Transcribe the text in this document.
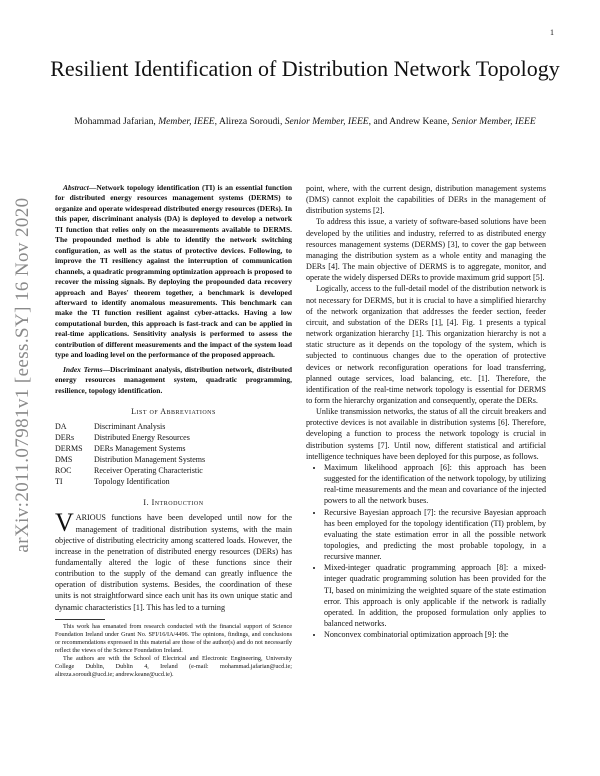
1
arXiv:2011.07981v1 [eess.SY] 16 Nov 2020
Resilient Identification of Distribution Network Topology

Mohammad Jafarian, Member, IEEE, Alireza Soroudi, Senior Member, IEEE, and Andrew Keane, Senior Member, IEEE

Abstract—Network topology identification (TI) is an essential function for distributed energy resources management systems (DERMS) to organize and operate widespread distributed energy resources (DERs). In this paper, discriminant analysis (DA) is deployed to develop a network TI function that relies only on the measurements available to DERMS. The propounded method is able to identify the network switching configuration, as well as the status of protective devices. Following, to improve the TI resiliency against the interruption of communication channels, a quadratic programming optimization approach is proposed to recover the missing signals. By deploying the propounded data recovery approach and Bayes' theorem together, a benchmark is developed afterward to identify anomalous measurements. This benchmark can make the TI function resilient against cyber-attacks. Having a low computational burden, this approach is fast-track and can be applied in real-time applications. Sensitivity analysis is performed to assess the contribution of different measurements and the impact of the system load type and loading level on the performance of the proposed approach.

Index Terms—Discriminant analysis, distribution network, distributed energy resources management system, quadratic programming, resilience, topology identification.

List of Abbreviations
DA	Discriminant Analysis
DERs	Distributed Energy Resources
DERMS	DERs Management Systems
DMS	Distribution Management Systems
ROC	Receiver Operating Characteristic
TI	Topology Identification
I. Introduction

VARIOUS functions have been developed until now for the management of traditional distribution systems, with the main objective of distributing electricity among scattered loads. However, the increase in the penetration of distributed energy resources (DERs) has fundamentally altered the logic of these functions since their contribution to the supply of the demand can greatly influence the operation of distribution systems. Besides, the coordination of these units is not straightforward since each unit has its own unique static and dynamic characteristics [1]. This has led to a turning

This work has emanated from research conducted with the financial support of Science Foundation Ireland under Grant No. SFI/16/IA/4496. The opinions, findings, and conclusions or recommendations expressed in this material are those of the author(s) and do not necessarily reflect the views of the Science Foundation Ireland.

The authors are with the School of Electrical and Electronic Engineering, University College Dublin, Dublin 4, Ireland (e-mail: mohammad.jafarian@ucd.ie; alireza.soroudi@ucd.ie; andrew.keane@ucd.ie).

point, where, with the current design, distribution management systems (DMS) cannot exploit the capabilities of DERs in the management of distribution systems [2].

To address this issue, a variety of software-based solutions have been developed by the utilities and industry, referred to as distributed energy resources management systems (DERMS) [3], to cover the gap between managing the distribution system as a whole entity and managing the DERs [4]. The main objective of DERMS is to aggregate, monitor, and operate the widely dispersed DERs to provide maximum grid support [5].

Logically, access to the full-detail model of the distribution network is not necessary for DERMS, but it is crucial to have a simplified hierarchy of the network organization that addresses the feeder section, feeder circuit, and substation of the DERs [1], [4]. Fig. 1 presents a typical network organization hierarchy [1]. This organization hierarchy is not a static structure as it depends on the topology of the system, which is subjected to continuous changes due to the operation of protective devices or network reconfiguration operations for load transferring, planned outage services, load balancing, etc. [1]. Therefore, the identification of the real-time network topology is essential for DERMS to form the hierarchy organization and consequently, operate the DERs.

Unlike transmission networks, the status of all the circuit breakers and protective devices is not available in distribution systems [6]. Therefore, developing a function to process the network topology is crucial in distribution systems [7]. Until now, different statistical and artificial intelligence techniques have been deployed for this purpose, as follows.

• Maximum likelihood approach [6]: this approach has been suggested for the identification of the network topology, by utilizing real-time measurements and the mean and covariance of the injected powers to all the network buses.
• Recursive Bayesian approach [7]: the recursive Bayesian approach has been employed for the topology identification (TI) problem, by evaluating the state estimation error in all the possible network topologies, and predicting the most probable topology, in a recursive manner.
• Mixed-integer quadratic programming approach [8]: a mixed-integer quadratic programming solution has been provided for the TI, based on minimizing the weighted square of the state estimation error. This approach is only applicable if the network is radially operated. In addition, the proposed formulation only applies to balanced networks.
• Nonconvex combinatorial optimization approach [9]: the
